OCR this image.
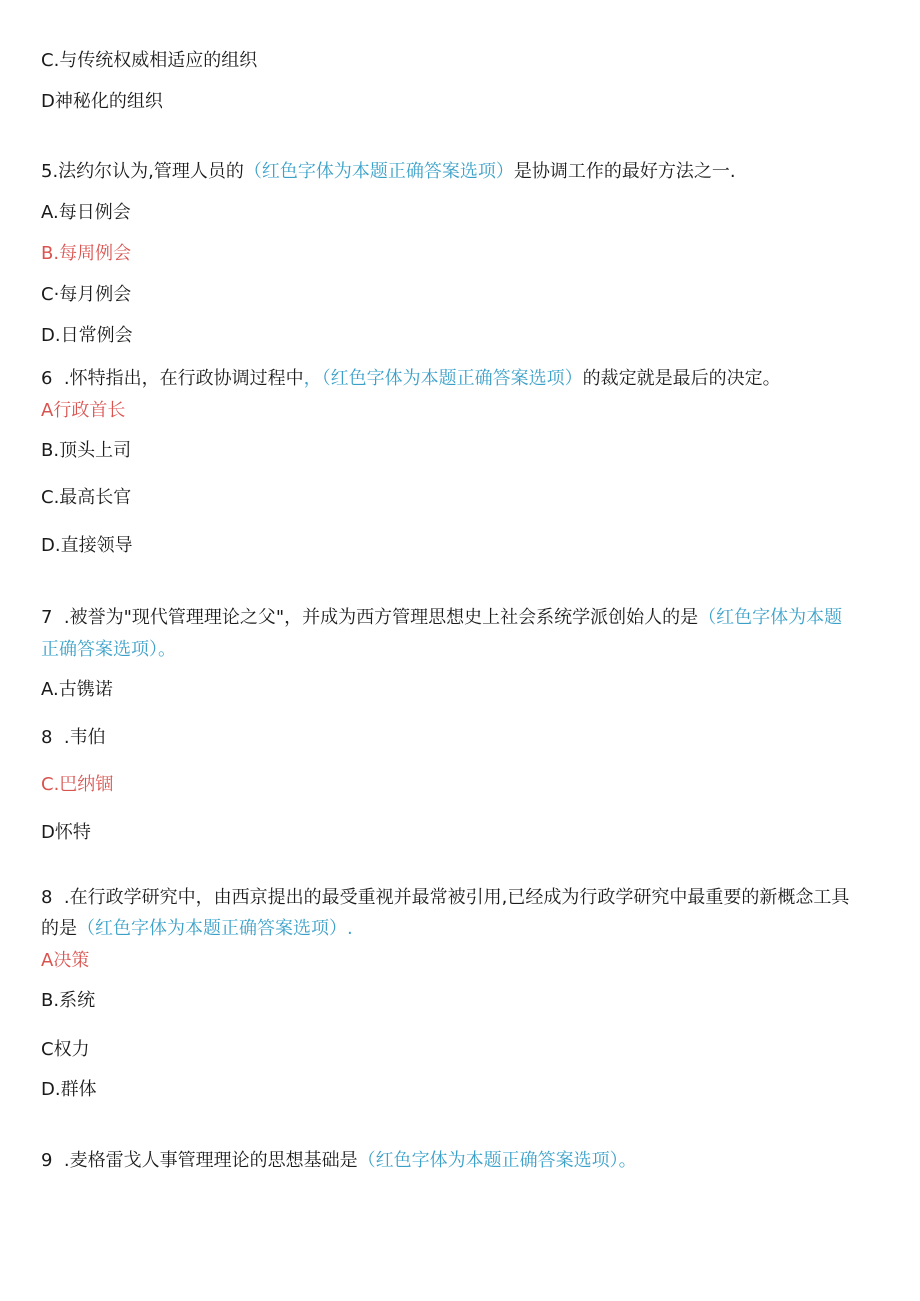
C.与传统权威相适应的组织
D神秘化的组织
5.法约尔认为,管理人员的（红色字体为本题正确答案选项）是协调工作的最好方法之一.
A.每日例会
B.每周例会
C·每月例会
D.日常例会
6  .怀特指出，在行政协调过程中，（红色字体为本题正确答案选项）的裁定就是最后的决定。
A行政首长
B.顶头上司
C.最高长官
D.直接领导
7  .被誉为"现代管理理论之父"，并成为西方管理思想史上社会系统学派创始人的是（红色字体为本题
正确答案选项）。
A.古镌诺
8  .韦伯
C.巴纳锢
D怀特
8  .在行政学研究中，由西京提出的最受重视并最常被引用,已经成为行政学研究中最重要的新概念工具
的是（红色字体为本题正确答案选项）.
A决策
B.系统
C权力
D.群体
9  .麦格雷戈人事管理理论的思想基础是（红色字体为本题正确答案选项）。
